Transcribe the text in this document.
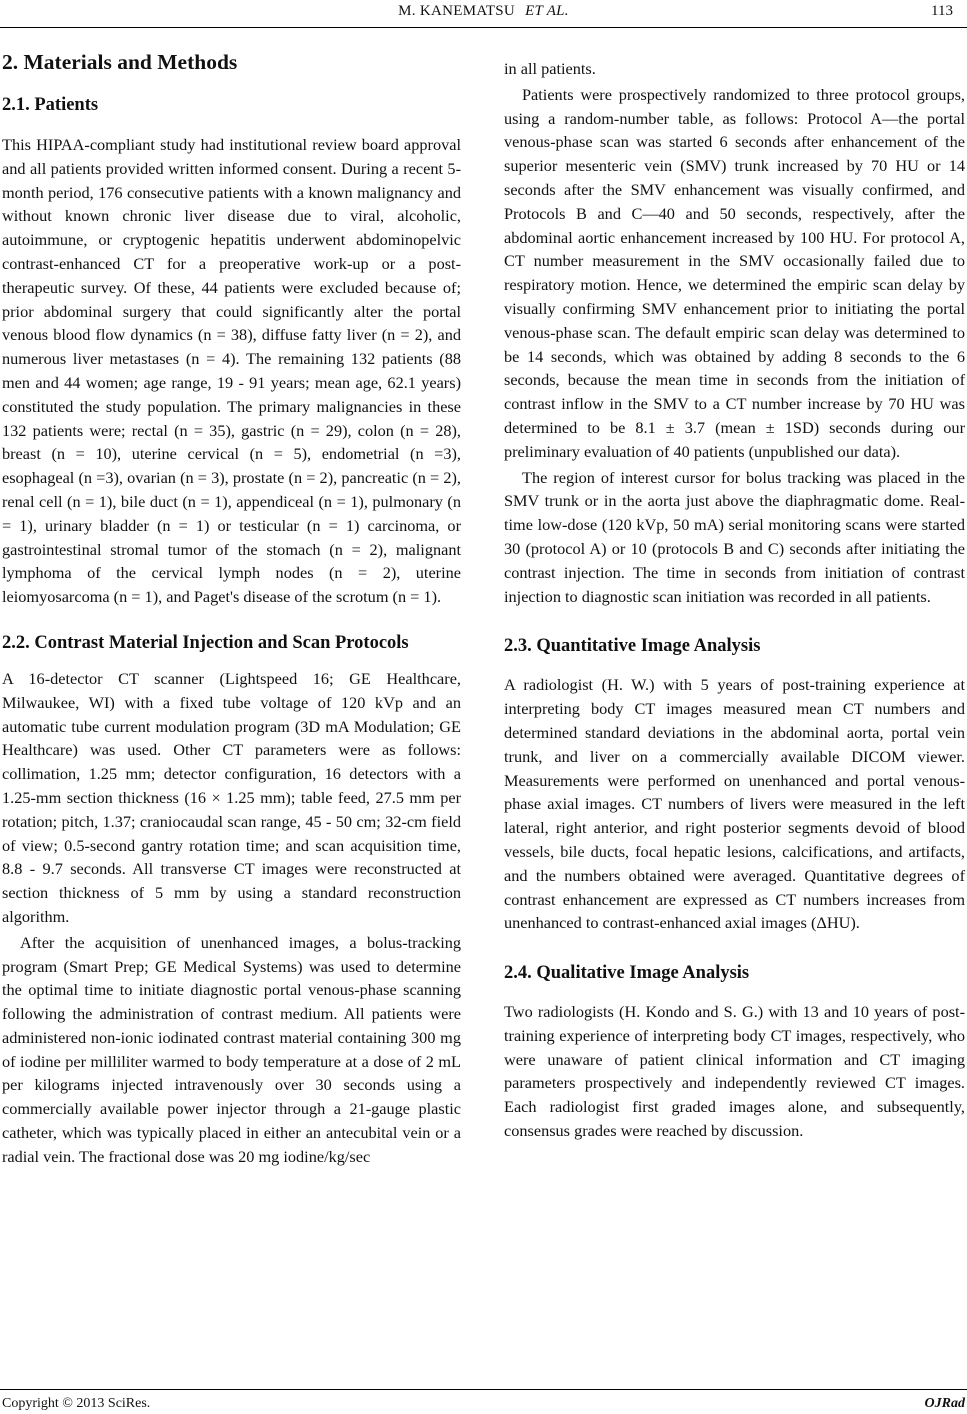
M. KANEMATSU ET AL.	113
2. Materials and Methods
2.1. Patients

This HIPAA-compliant study had institutional review board approval and all patients provided written informed consent. During a recent 5-month period, 176 consecutive patients with a known malignancy and without known chronic liver disease due to viral, alcoholic, autoimmune, or cryptogenic hepatitis underwent abdominopelvic contrast-enhanced CT for a preoperative work-up or a post-therapeutic survey. Of these, 44 patients were excluded because of; prior abdominal surgery that could significantly alter the portal venous blood flow dynamics (n = 38), diffuse fatty liver (n = 2), and numerous liver metastases (n = 4). The remaining 132 patients (88 men and 44 women; age range, 19 - 91 years; mean age, 62.1 years) constituted the study population. The primary malignancies in these 132 patients were; rectal (n = 35), gastric (n = 29), colon (n = 28), breast (n = 10), uterine cervical (n = 5), endometrial (n =3), esophageal (n =3), ovarian (n = 3), prostate (n = 2), pancreatic (n = 2), renal cell (n = 1), bile duct (n = 1), appendiceal (n = 1), pulmonary (n = 1), urinary bladder (n = 1) or testicular (n = 1) carcinoma, or gastrointestinal stromal tumor of the stomach (n = 2), malignant lymphoma of the cervical lymph nodes (n = 2), uterine leiomyosarcoma (n = 1), and Paget's disease of the scrotum (n = 1).

2.2. Contrast Material Injection and Scan Protocols

A 16-detector CT scanner (Lightspeed 16; GE Healthcare, Milwaukee, WI) with a fixed tube voltage of 120 kVp and an automatic tube current modulation program (3D mA Modulation; GE Healthcare) was used. Other CT parameters were as follows: collimation, 1.25 mm; detector configuration, 16 detectors with a 1.25-mm section thickness (16 × 1.25 mm); table feed, 27.5 mm per rotation; pitch, 1.37; craniocaudal scan range, 45 - 50 cm; 32-cm field of view; 0.5-second gantry rotation time; and scan acquisition time, 8.8 - 9.7 seconds. All transverse CT images were reconstructed at section thickness of 5 mm by using a standard reconstruction algorithm.

After the acquisition of unenhanced images, a bolus-tracking program (Smart Prep; GE Medical Systems) was used to determine the optimal time to initiate diagnostic portal venous-phase scanning following the administration of contrast medium. All patients were administered non-ionic iodinated contrast material containing 300 mg of iodine per milliliter warmed to body temperature at a dose of 2 mL per kilograms injected intravenously over 30 seconds using a commercially available power injector through a 21-gauge plastic catheter, which was typically placed in either an antecubital vein or a radial vein. The fractional dose was 20 mg iodine/kg/sec

in all patients.

Patients were prospectively randomized to three protocol groups, using a random-number table, as follows: Protocol A—the portal venous-phase scan was started 6 seconds after enhancement of the superior mesenteric vein (SMV) trunk increased by 70 HU or 14 seconds after the SMV enhancement was visually confirmed, and Protocols B and C—40 and 50 seconds, respectively, after the abdominal aortic enhancement increased by 100 HU. For protocol A, CT number measurement in the SMV occasionally failed due to respiratory motion. Hence, we determined the empiric scan delay by visually confirming SMV enhancement prior to initiating the portal venous-phase scan. The default empiric scan delay was determined to be 14 seconds, which was obtained by adding 8 seconds to the 6 seconds, because the mean time in seconds from the initiation of contrast inflow in the SMV to a CT number increase by 70 HU was determined to be 8.1 ± 3.7 (mean ± 1SD) seconds during our preliminary evaluation of 40 patients (unpublished our data).

The region of interest cursor for bolus tracking was placed in the SMV trunk or in the aorta just above the diaphragmatic dome. Real-time low-dose (120 kVp, 50 mA) serial monitoring scans were started 30 (protocol A) or 10 (protocols B and C) seconds after initiating the contrast injection. The time in seconds from initiation of contrast injection to diagnostic scan initiation was recorded in all patients.

2.3. Quantitative Image Analysis

A radiologist (H. W.) with 5 years of post-training experience at interpreting body CT images measured mean CT numbers and determined standard deviations in the abdominal aorta, portal vein trunk, and liver on a commercially available DICOM viewer. Measurements were performed on unenhanced and portal venous-phase axial images. CT numbers of livers were measured in the left lateral, right anterior, and right posterior segments devoid of blood vessels, bile ducts, focal hepatic lesions, calcifications, and artifacts, and the numbers obtained were averaged. Quantitative degrees of contrast enhancement are expressed as CT numbers increases from unenhanced to contrast-enhanced axial images (ΔHU).

2.4. Qualitative Image Analysis

Two radiologists (H. Kondo and S. G.) with 13 and 10 years of post-training experience of interpreting body CT images, respectively, who were unaware of patient clinical information and CT imaging parameters prospectively and independently reviewed CT images. Each radiologist first graded images alone, and subsequently, consensus grades were reached by discussion.

Copyright © 2013 SciRes.	OJRad
